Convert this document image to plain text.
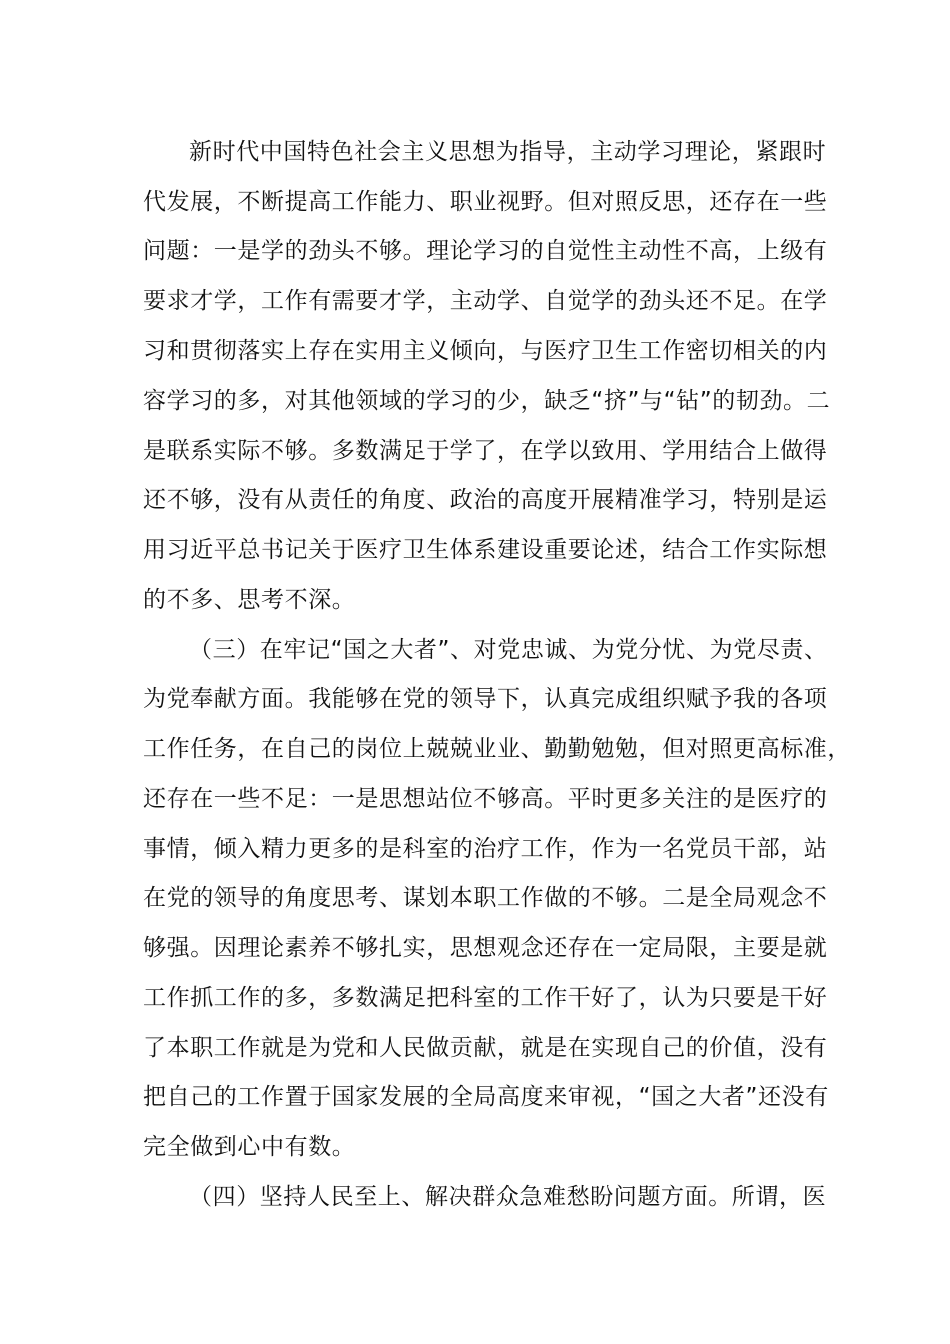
新时代中国特色社会主义思想为指导，主动学习理论，紧跟时
代发展，不断提高工作能力、职业视野。但对照反思，还存在一些
问题：一是学的劲头不够。理论学习的自觉性主动性不高，上级有
要求才学，工作有需要才学，主动学、自觉学的劲头还不足。在学
习和贯彻落实上存在实用主义倾向，与医疗卫生工作密切相关的内
容学习的多，对其他领域的学习的少，缺乏“挤”与“钻”的韧劲。二
是联系实际不够。多数满足于学了，在学以致用、学用结合上做得
还不够，没有从责任的角度、政治的高度开展精准学习，特别是运
用习近平总书记关于医疗卫生体系建设重要论述，结合工作实际想
的不多、思考不深。
（三）在牢记“国之大者”、对党忠诚、为党分忧、为党尽责、
为党奉献方面。我能够在党的领导下，认真完成组织赋予我的各项
工作任务，在自己的岗位上兢兢业业、勤勤勉勉，但对照更高标准，
还存在一些不足：一是思想站位不够高。平时更多关注的是医疗的
事情，倾入精力更多的是科室的治疗工作，作为一名党员干部，站
在党的领导的角度思考、谋划本职工作做的不够。二是全局观念不
够强。因理论素养不够扎实，思想观念还存在一定局限，主要是就
工作抓工作的多，多数满足把科室的工作干好了，认为只要是干好
了本职工作就是为党和人民做贡献，就是在实现自己的价值，没有
把自己的工作置于国家发展的全局高度来审视，“国之大者”还没有
完全做到心中有数。
（四）坚持人民至上、解决群众急难愁盼问题方面。所谓，医
